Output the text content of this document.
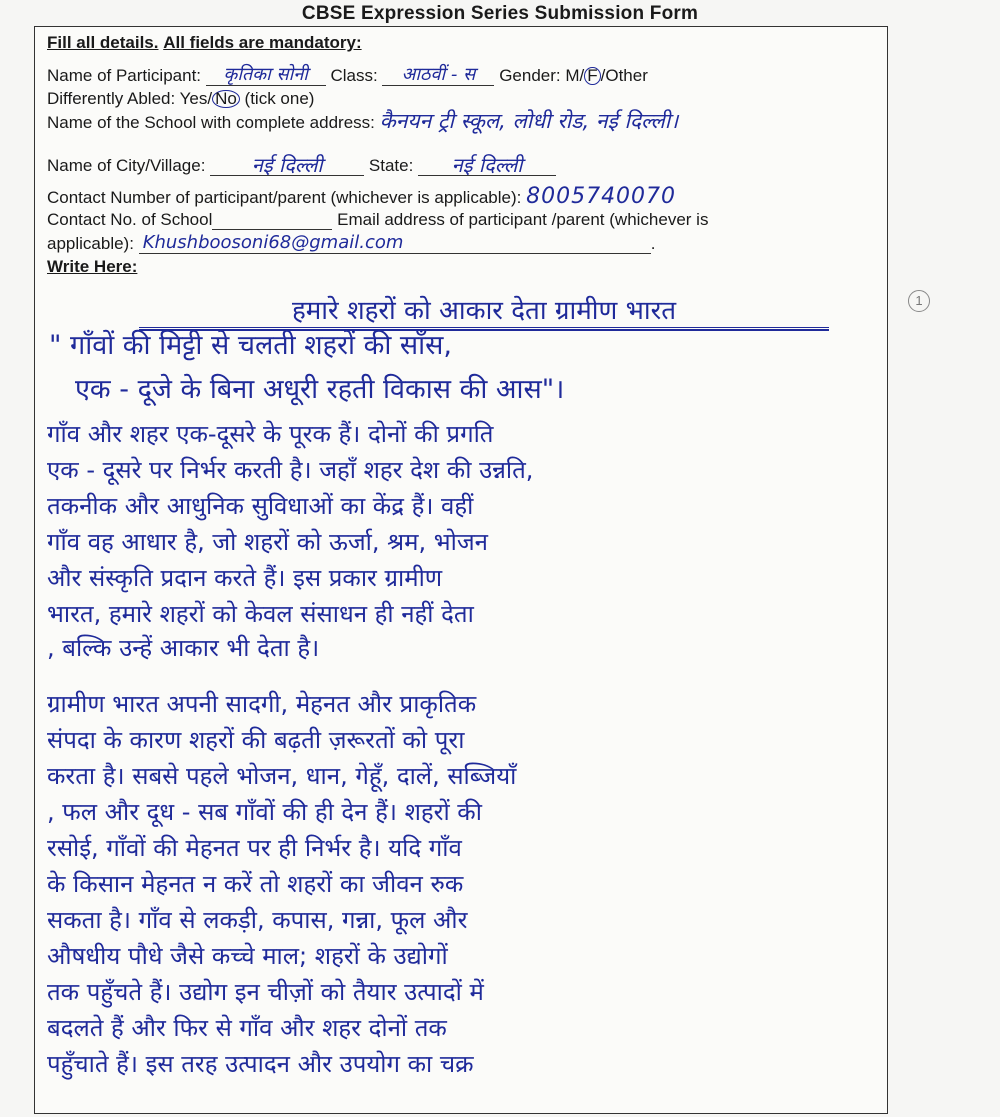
CBSE Expression Series Submission Form
Fill all details. All fields are mandatory:
Name of Participant: कृतिका सोनी Class: आठवीं - स Gender: M/ F /Other
Differently Abled: Yes/ No (tick one)
Name of the School with complete address: कैनयन ट्री स्कूल, लोधी रोड, नई दिल्ली।
Name of City/Village: नई दिल्ली	State: नई दिल्ली
Contact Number of participant/parent (whichever is applicable): 8005740070
Contact No. of School	Email address of participant /parent (whichever is
applicable): Khushboosoni68@gmail.com	.
Write Here:
हमारे शहरों को आकार देता ग्रामीण भारत
" गाँवों की मिट्टी से चलती शहरों की साँस,
एक - दूजे के बिना अधूरी रहती विकास की आस"।
गाँव और शहर एक-दूसरे के पूरक हैं। दोनों की प्रगति
एक - दूसरे पर निर्भर करती है। जहाँ शहर देश की उन्नति,
तकनीक और आधुनिक सुविधाओं का केंद्र हैं। वहीं
गाँव वह आधार है, जो शहरों को ऊर्जा, श्रम, भोजन
और संस्कृति प्रदान करते हैं। इस प्रकार ग्रामीण
भारत, हमारे शहरों को केवल संसाधन ही नहीं देता
, बल्कि उन्हें आकार भी देता है।
ग्रामीण भारत अपनी सादगी, मेहनत और प्राकृतिक
संपदा के कारण शहरों की बढ़ती ज़रूरतों को पूरा
करता है। सबसे पहले भोजन, धान, गेहूँ, दालें, सब्जियाँ
, फल और दूध - सब गाँवों की ही देन हैं। शहरों की
रसोई, गाँवों की मेहनत पर ही निर्भर है। यदि गाँव
के किसान मेहनत न करें तो शहरों का जीवन रुक
सकता है। गाँव से लकड़ी, कपास, गन्ना, फूल और
औषधीय पौधे जैसे कच्चे माल; शहरों के उद्योगों
तक पहुँचते हैं। उद्योग इन चीज़ों को तैयार उत्पादों में
बदलते हैं और फिर से गाँव और शहर दोनों तक
पहुँचाते हैं। इस तरह उत्पादन और उपयोग का चक्र
1
